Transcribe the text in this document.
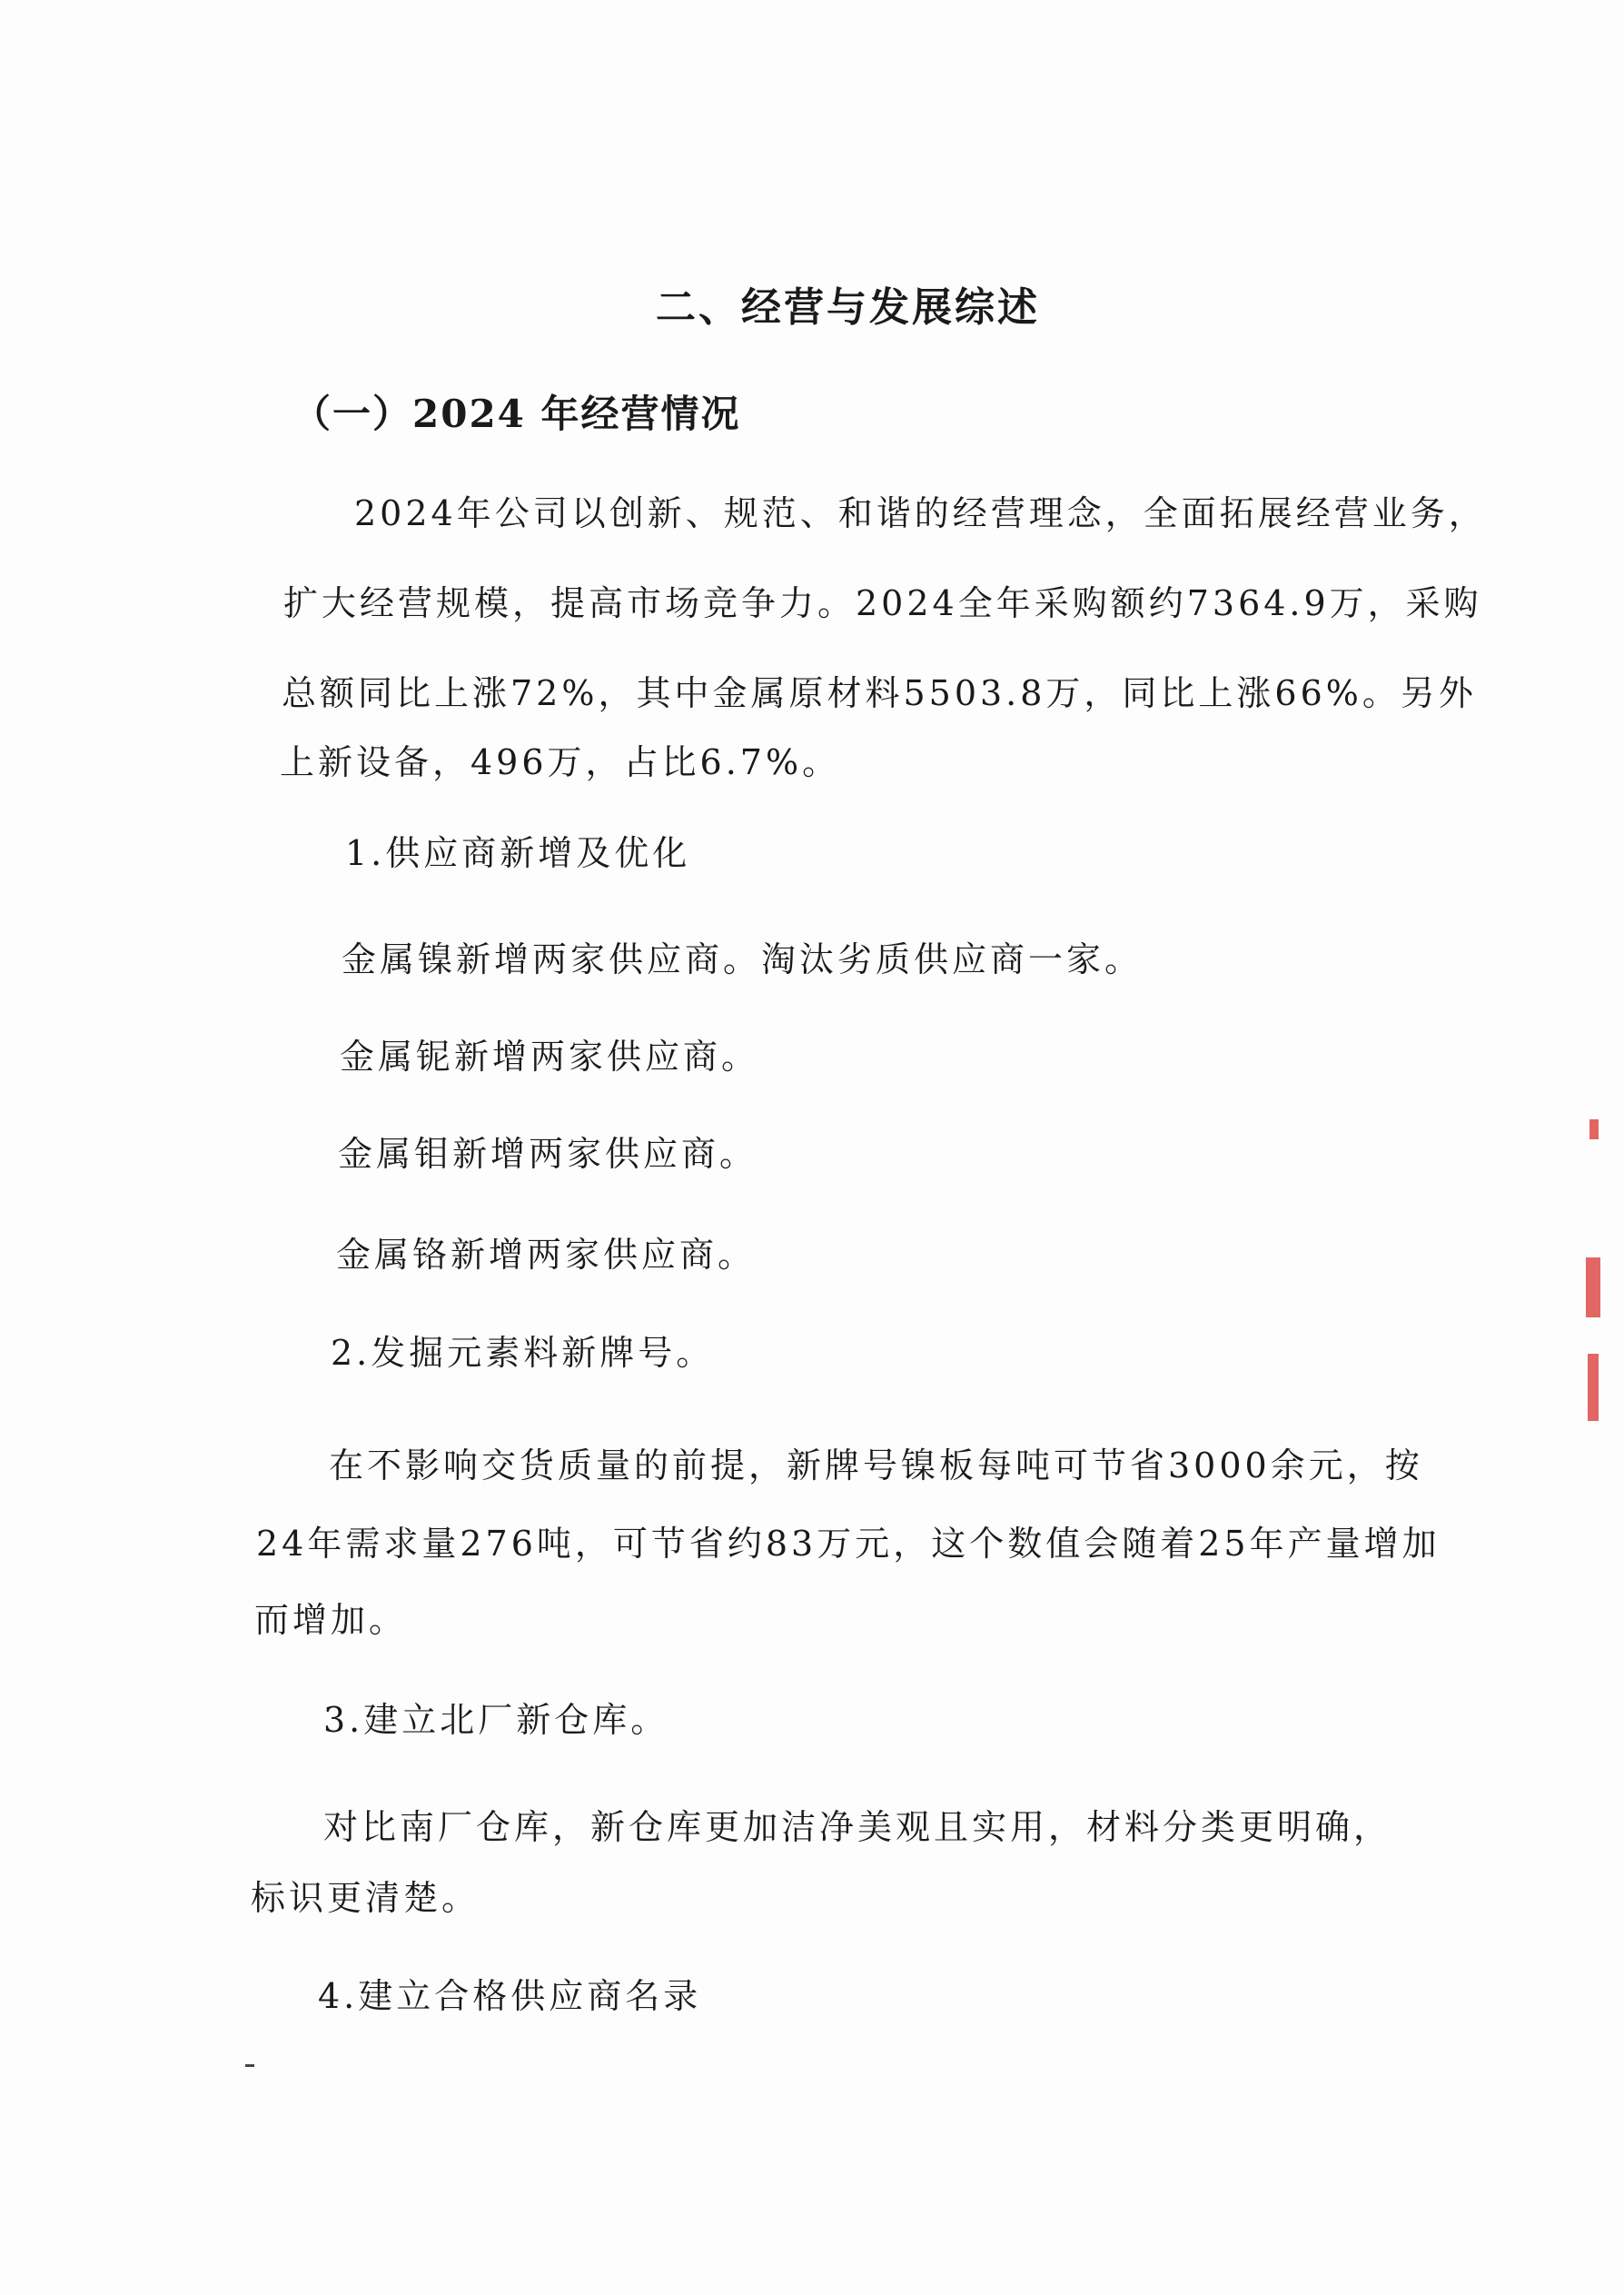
二、经营与发展综述
（一）2024 年经营情况
2024年公司以创新、规范、和谐的经营理念，全面拓展经营业务，
扩大经营规模，提高市场竞争力。2024全年采购额约7364.9万，采购
总额同比上涨72%，其中金属原材料5503.8万，同比上涨66%。另外
上新设备，496万，占比6.7%。
1.供应商新增及优化
金属镍新增两家供应商。淘汰劣质供应商一家。
金属铌新增两家供应商。
金属钼新增两家供应商。
金属铬新增两家供应商。
2.发掘元素料新牌号。
在不影响交货质量的前提，新牌号镍板每吨可节省3000余元，按
24年需求量276吨，可节省约83万元，这个数值会随着25年产量增加
而增加。
3.建立北厂新仓库。
对比南厂仓库，新仓库更加洁净美观且实用，材料分类更明确，
标识更清楚。
4.建立合格供应商名录
